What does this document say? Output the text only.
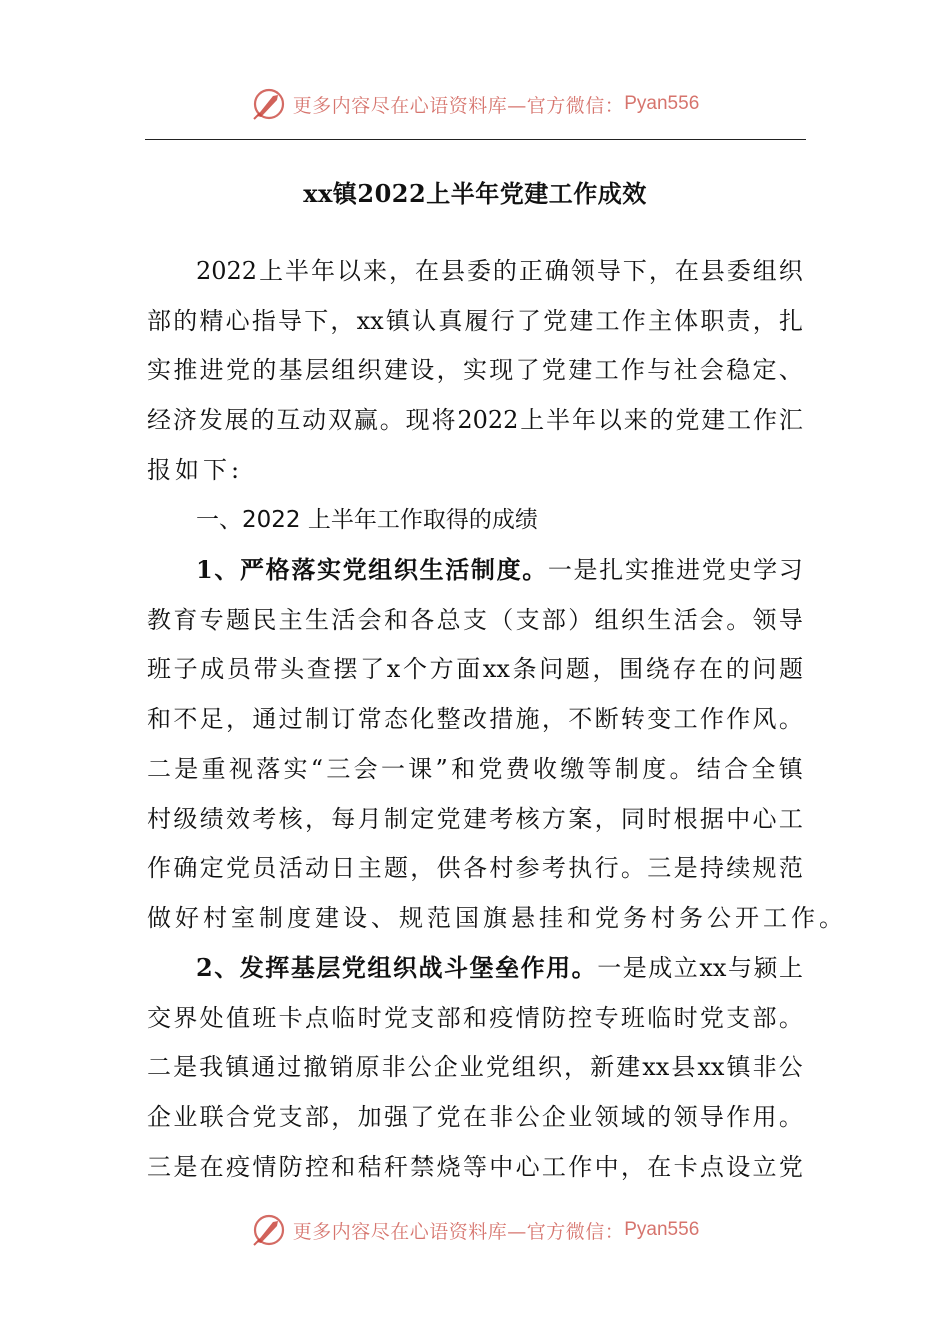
更多内容尽在心语资料库—官方微信： Pyan556
xx镇2022上半年党建工作成效
2022 上 半 年 以 来 ， 在 县 委 的 正 确 领 导 下 ， 在 县 委 组 织
部 的 精 心 指 导 下 ， xx 镇 认 真 履 行 了 党 建 工 作 主 体 职 责 ， 扎
实 推 进 党 的 基 层 组 织 建 设 ， 实 现 了 党 建 工 作 与 社 会 稳 定 、
经 济 发 展 的 互 动 双 赢 。 现 将 2022 上 半 年 以 来 的 党 建 工 作 汇
报 如 下 :
1 、 严 格 落 实 党 组 织 生 活 制 度 。 一 是 扎 实 推 进 党 史 学 习
教 育 专 题 民 主 生 活 会 和 各 总 支 （ 支 部 ） 组 织 生 活 会 。 领 导
班 子 成 员 带 头 查 摆 了 x 个 方 面 xx 条 问 题 ， 围 绕 存 在 的 问 题
和 不 足 ， 通 过 制 订 常 态 化 整 改 措 施 ， 不 断 转 变 工 作 作 风 。
二 是 重 视 落 实 “ 三 会 一 课 ” 和 党 费 收 缴 等 制 度 。 结 合 全 镇
村 级 绩 效 考 核 ， 每 月 制 定 党 建 考 核 方 案 ， 同 时 根 据 中 心 工
作 确 定 党 员 活 动 日 主 题 ， 供 各 村 参 考 执 行 。 三 是 持 续 规 范
做 好 村 室 制 度 建 设 、 规 范 国 旗 悬 挂 和 党 务 村 务 公 开 工 作 。
2 、 发 挥 基 层 党 组 织 战 斗 堡 垒 作 用 。 一 是 成 立 xx 与 颍 上
交 界 处 值 班 卡 点 临 时 党 支 部 和 疫 情 防 控 专 班 临 时 党 支 部 。
二 是 我 镇 通 过 撤 销 原 非 公 企 业 党 组 织 ， 新 建 xx 县 xx 镇 非 公
企 业 联 合 党 支 部 ， 加 强 了 党 在 非 公 企 业 领 域 的 领 导 作 用 。
三 是 在 疫 情 防 控 和 秸 秆 禁 烧 等 中 心 工 作 中 ， 在 卡 点 设 立 党
一、2022 上半年工作取得的成绩
更多内容尽在心语资料库—官方微信： Pyan556
